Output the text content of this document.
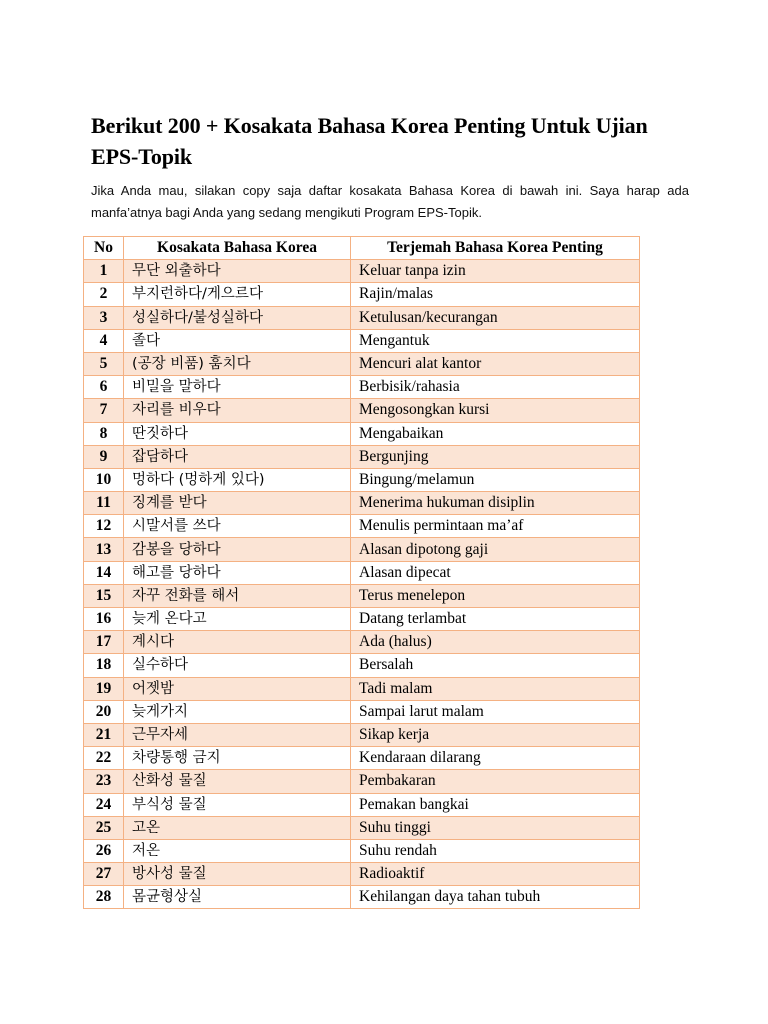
Berikut 200 + Kosakata Bahasa Korea Penting Untuk Ujian EPS-Topik
Jika Anda mau, silakan copy saja daftar kosakata Bahasa Korea di bawah ini. Saya harap ada manfa’atnya bagi Anda yang sedang mengikuti Program EPS-Topik.
No	Kosakata Bahasa Korea	Terjemah Bahasa Korea Penting
1	무단 외출하다	Keluar tanpa izin
2	부지런하다/게으르다	Rajin/malas
3	성실하다/불성실하다	Ketulusan/kecurangan
4	졸다	Mengantuk
5	(공장 비품) 훔치다	Mencuri alat kantor
6	비밀을 말하다	Berbisik/rahasia
7	자리를 비우다	Mengosongkan kursi
8	딴짓하다	Mengabaikan
9	잡담하다	Bergunjing
10	멍하다 (멍하게 있다)	Bingung/melamun
11	징계를 받다	Menerima hukuman disiplin
12	시말서를 쓰다	Menulis permintaan ma’af
13	감봉을 당하다	Alasan dipotong gaji
14	해고를 당하다	Alasan dipecat
15	자꾸 전화를 해서	Terus menelepon
16	늦게 온다고	Datang terlambat
17	계시다	Ada (halus)
18	실수하다	Bersalah
19	어젯밤	Tadi malam
20	늦게가지	Sampai larut malam
21	근무자세	Sikap kerja
22	차량통행 금지	Kendaraan dilarang
23	산화성 물질	Pembakaran
24	부식성 물질	Pemakan bangkai
25	고온	Suhu tinggi
26	저온	Suhu rendah
27	방사성 물질	Radioaktif
28	몸균형상실	Kehilangan daya tahan tubuh
